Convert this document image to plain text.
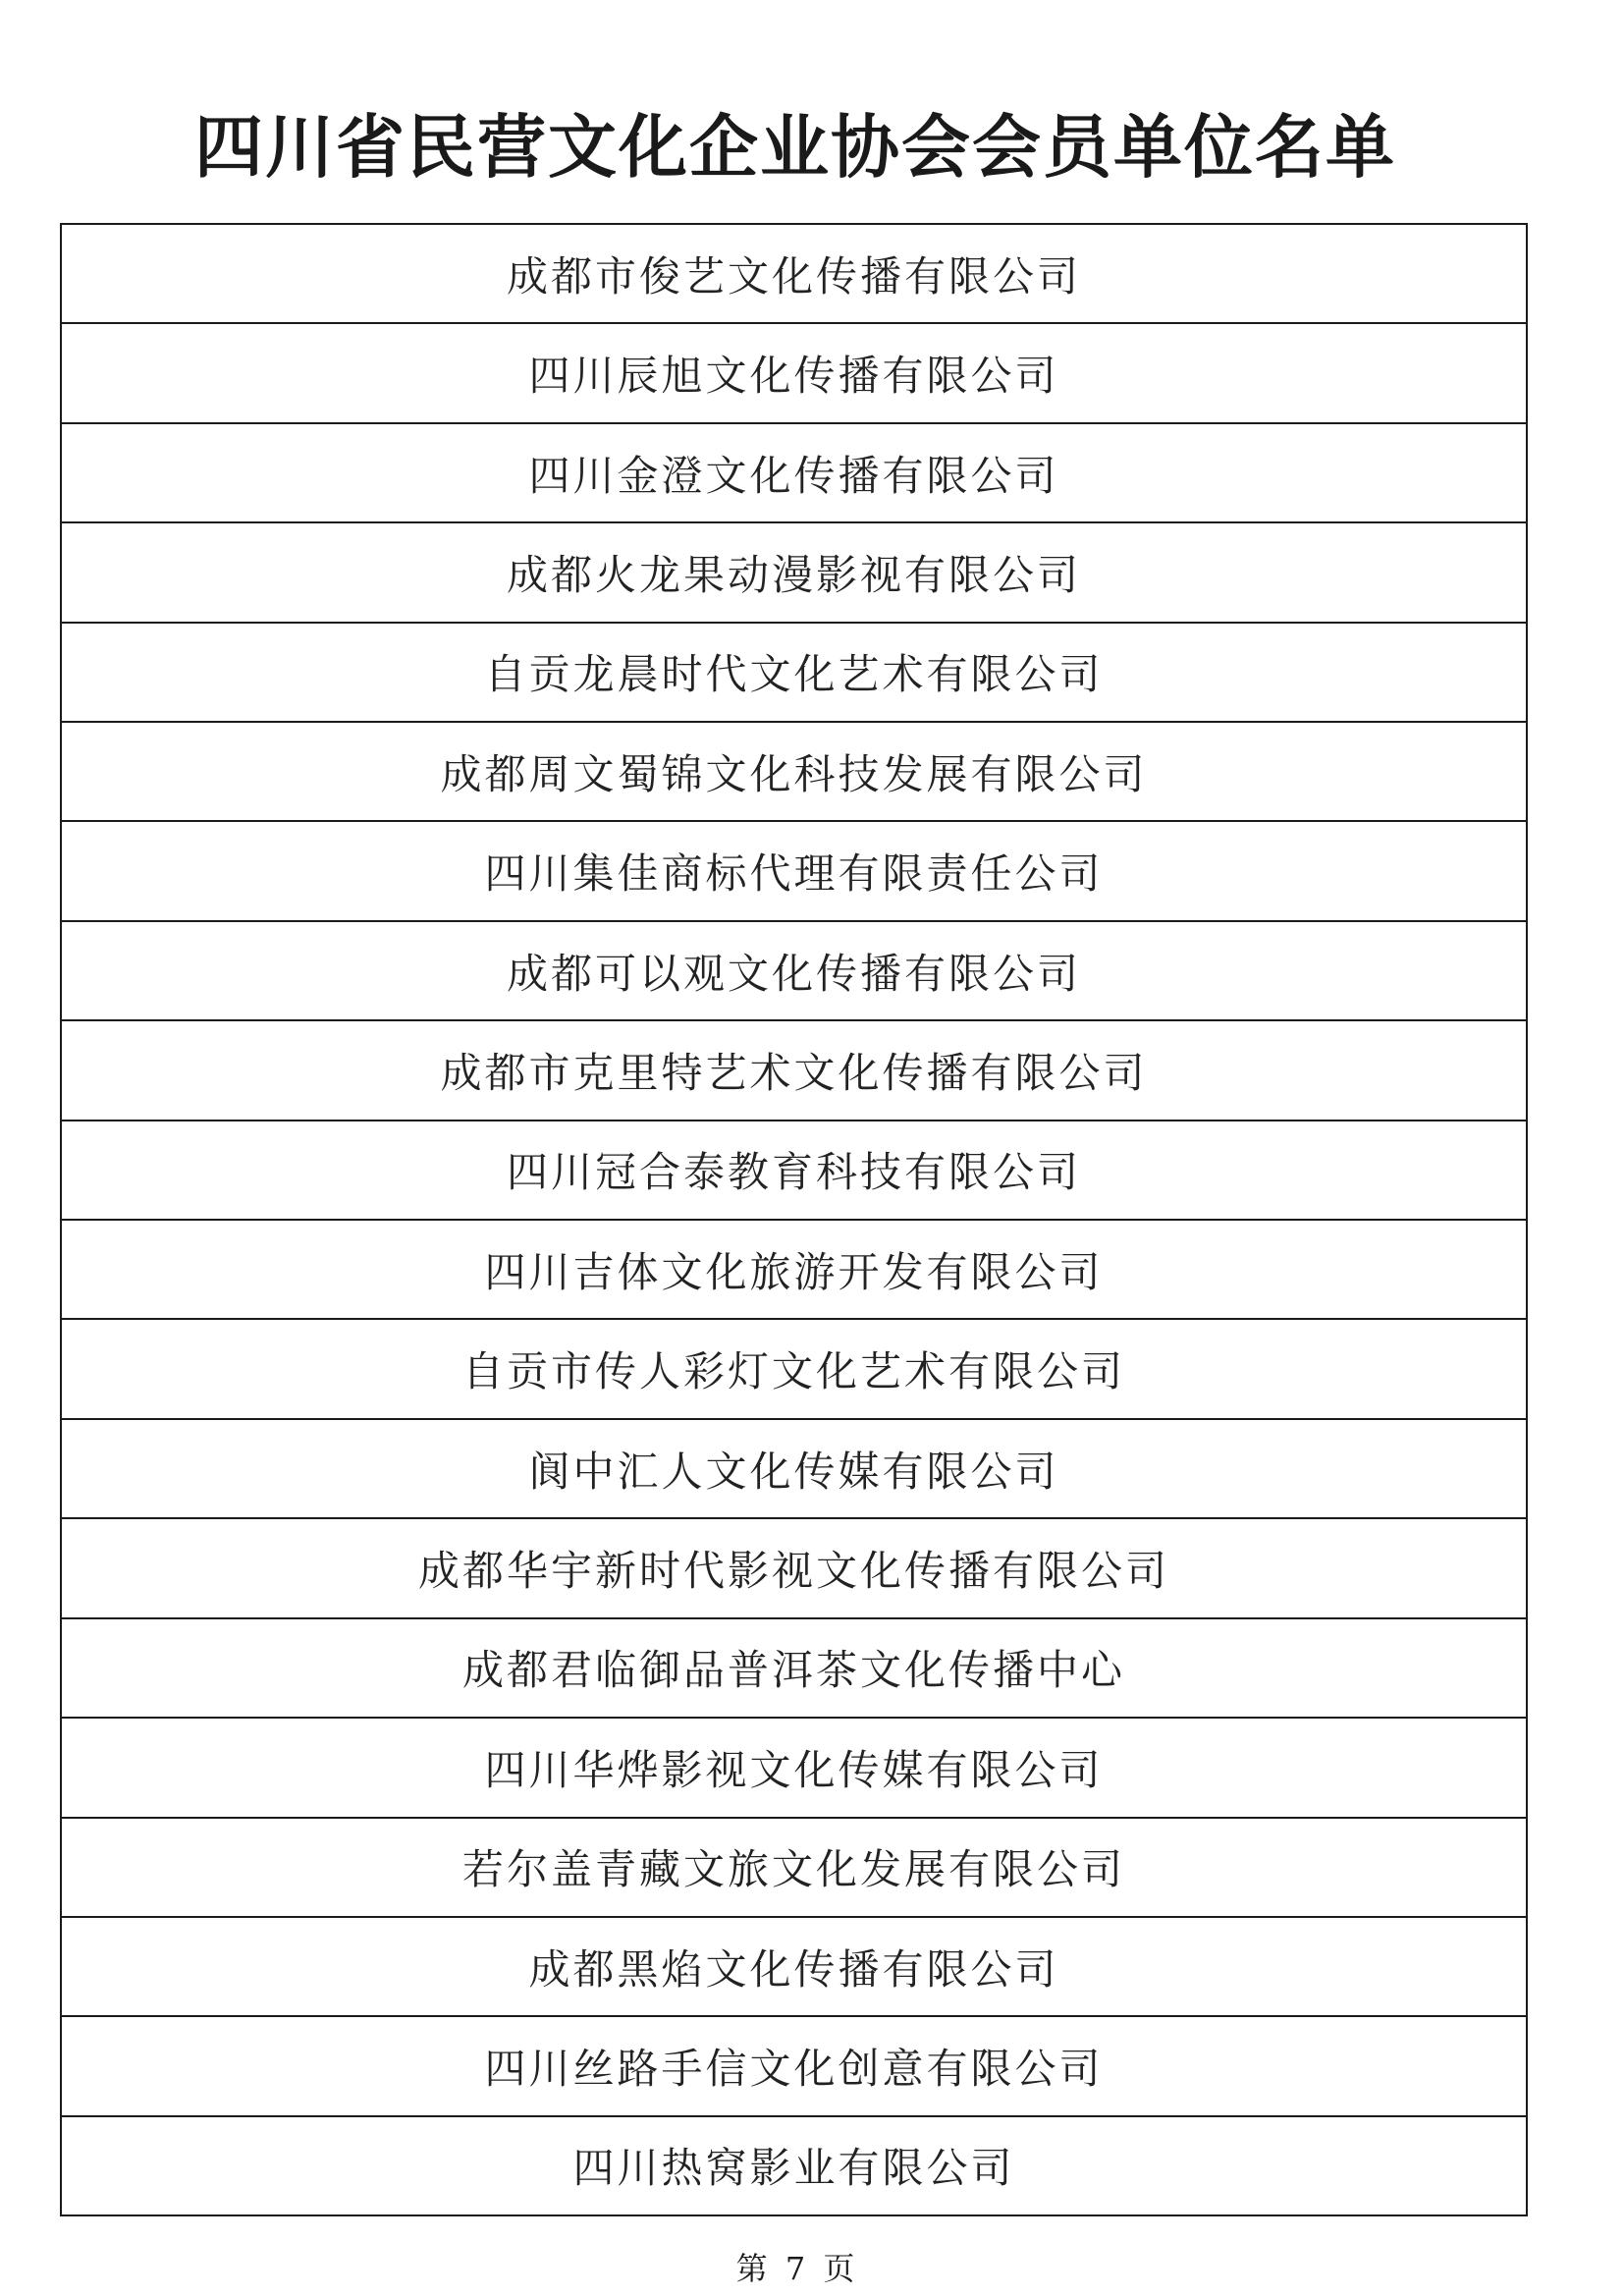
四川省民营文化企业协会会员单位名单
成都市俊艺文化传播有限公司
四川辰旭文化传播有限公司
四川金澄文化传播有限公司
成都火龙果动漫影视有限公司
自贡龙晨时代文化艺术有限公司
成都周文蜀锦文化科技发展有限公司
四川集佳商标代理有限责任公司
成都可以观文化传播有限公司
成都市克里特艺术文化传播有限公司
四川冠合泰教育科技有限公司
四川吉体文化旅游开发有限公司
自贡市传人彩灯文化艺术有限公司
阆中汇人文化传媒有限公司
成都华宇新时代影视文化传播有限公司
成都君临御品普洱茶文化传播中心
四川华烨影视文化传媒有限公司
若尔盖青藏文旅文化发展有限公司
成都黑焰文化传播有限公司
四川丝路手信文化创意有限公司
四川热窝影业有限公司
第 7 页
